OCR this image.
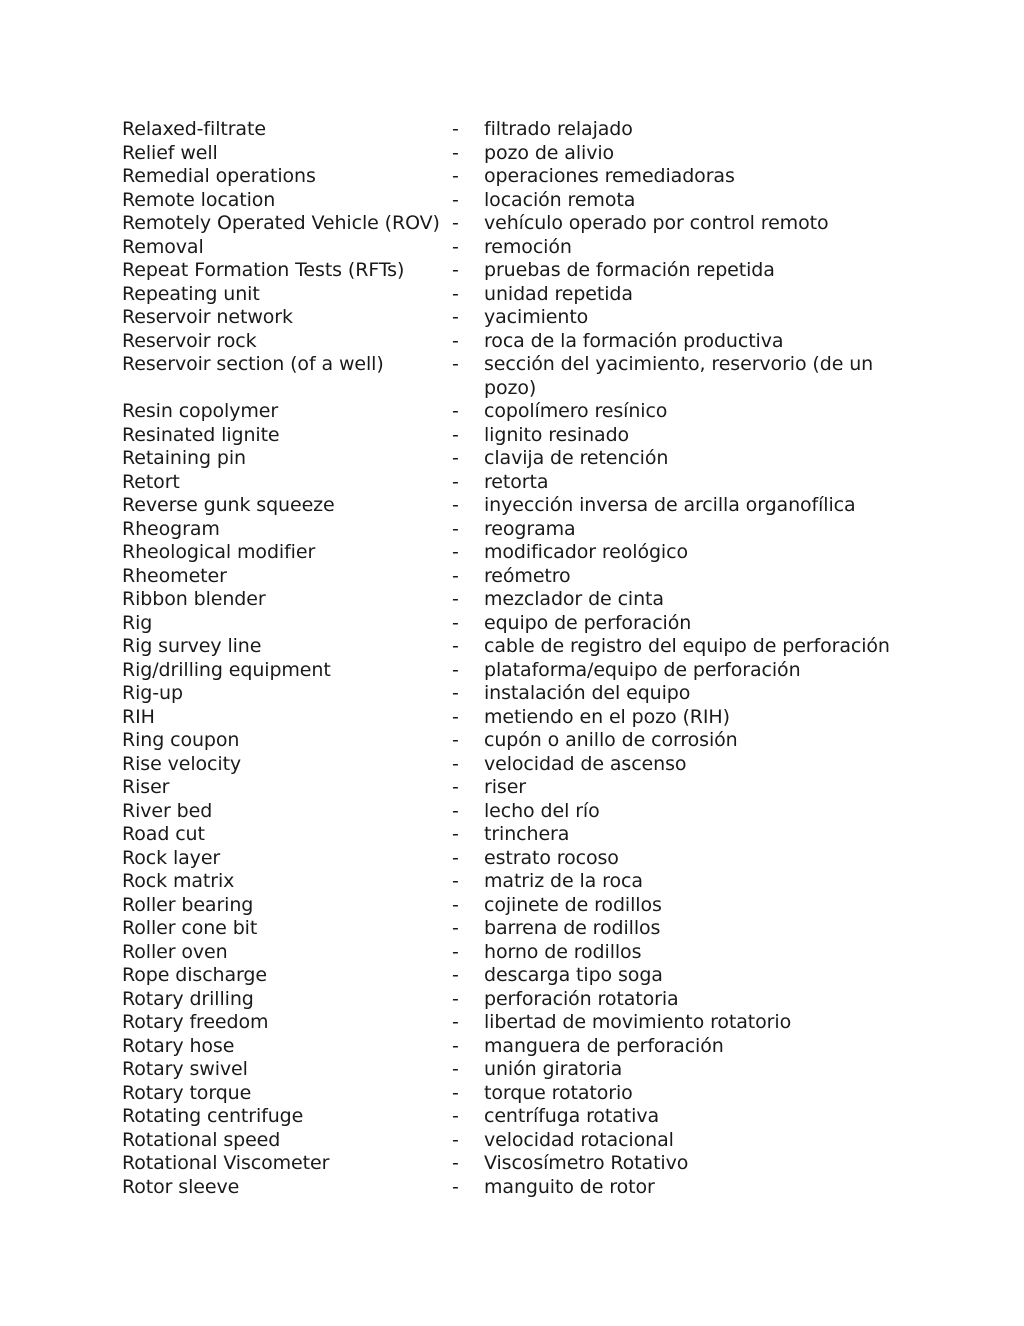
Relaxed-filtrate	-	filtrado relajado
Relief well	-	pozo de alivio
Remedial operations	-	operaciones remediadoras
Remote location	-	locación remota
Remotely Operated Vehicle (ROV) -	vehículo operado por control remoto
Removal	-	remoción
Repeat Formation Tests (RFTs)	-	pruebas de formación repetida
Repeating unit	-	unidad repetida
Reservoir network	-	yacimiento
Reservoir rock	-	roca de la formación productiva
Reservoir section (of a well)	-	sección del yacimiento, reservorio (de un pozo)
Resin copolymer	-	copolímero resínico
Resinated lignite	-	lignito resinado
Retaining pin	-	clavija de retención
Retort	-	retorta
Reverse gunk squeeze	-	inyección inversa de arcilla organofílica
Rheogram	-	reograma
Rheological modifier	-	modificador reológico
Rheometer	-	reómetro
Ribbon blender	-	mezclador de cinta
Rig	-	equipo de perforación
Rig survey line	-	cable de registro del equipo de perforación
Rig/drilling equipment	-	plataforma/equipo de perforación
Rig-up	-	instalación del equipo
RIH	-	metiendo en el pozo (RIH)
Ring coupon	-	cupón o anillo de corrosión
Rise velocity	-	velocidad de ascenso
Riser	-	riser
River bed	-	lecho del río
Road cut	-	trinchera
Rock layer	-	estrato rocoso
Rock matrix	-	matriz de la roca
Roller bearing	-	cojinete de rodillos
Roller cone bit	-	barrena de rodillos
Roller oven	-	horno de rodillos
Rope discharge	-	descarga tipo soga
Rotary drilling	-	perforación rotatoria
Rotary freedom	-	libertad de movimiento rotatorio
Rotary hose	-	manguera de perforación
Rotary swivel	-	unión giratoria
Rotary torque	-	torque rotatorio
Rotating centrifuge	-	centrífuga rotativa
Rotational speed	-	velocidad rotacional
Rotational Viscometer	-	Viscosímetro Rotativo
Rotor sleeve	-	manguito de rotor
